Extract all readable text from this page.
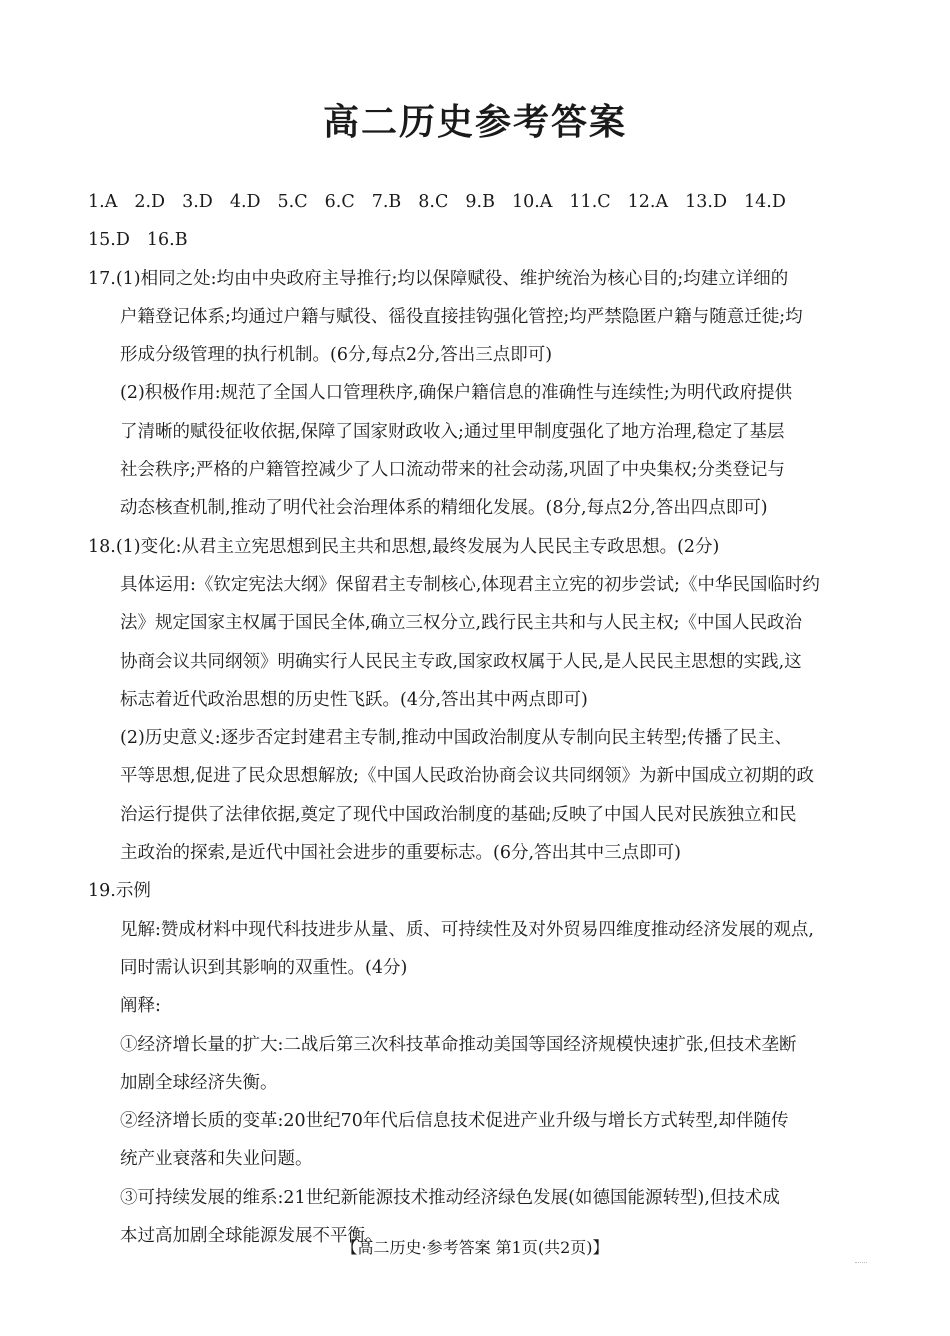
高二历史参考答案
1.A 2.D 3.D 4.D 5.C 6.C 7.B 8.C 9.B 10.A 11.C 12.A 13.D 14.D
15.D 16.B
17.(1)相同之处:均由中央政府主导推行;均以保障赋役、维护统治为核心目的;均建立详细的
户籍登记体系;均通过户籍与赋役、徭役直接挂钩强化管控;均严禁隐匿户籍与随意迁徙;均
形成分级管理的执行机制。(6分,每点2分,答出三点即可)
(2)积极作用:规范了全国人口管理秩序,确保户籍信息的准确性与连续性;为明代政府提供
了清晰的赋役征收依据,保障了国家财政收入;通过里甲制度强化了地方治理,稳定了基层
社会秩序;严格的户籍管控减少了人口流动带来的社会动荡,巩固了中央集权;分类登记与
动态核查机制,推动了明代社会治理体系的精细化发展。(8分,每点2分,答出四点即可)
18.(1)变化:从君主立宪思想到民主共和思想,最终发展为人民民主专政思想。(2分)
具体运用:《钦定宪法大纲》保留君主专制核心,体现君主立宪的初步尝试;《中华民国临时约
法》规定国家主权属于国民全体,确立三权分立,践行民主共和与人民主权;《中国人民政治
协商会议共同纲领》明确实行人民民主专政,国家政权属于人民,是人民民主思想的实践,这
标志着近代政治思想的历史性飞跃。(4分,答出其中两点即可)
(2)历史意义:逐步否定封建君主专制,推动中国政治制度从专制向民主转型;传播了民主、
平等思想,促进了民众思想解放;《中国人民政治协商会议共同纲领》为新中国成立初期的政
治运行提供了法律依据,奠定了现代中国政治制度的基础;反映了中国人民对民族独立和民
主政治的探索,是近代中国社会进步的重要标志。(6分,答出其中三点即可)
19.示例
见解:赞成材料中现代科技进步从量、质、可持续性及对外贸易四维度推动经济发展的观点,
同时需认识到其影响的双重性。(4分)
阐释:
①经济增长量的扩大:二战后第三次科技革命推动美国等国经济规模快速扩张,但技术垄断
加剧全球经济失衡。
②经济增长质的变革:20世纪70年代后信息技术促进产业升级与增长方式转型,却伴随传
统产业衰落和失业问题。
③可持续发展的维系:21世纪新能源技术推动经济绿色发展(如德国能源转型),但技术成
本过高加剧全球能源发展不平衡。
【高二历史·参考答案 第1页(共2页)】
